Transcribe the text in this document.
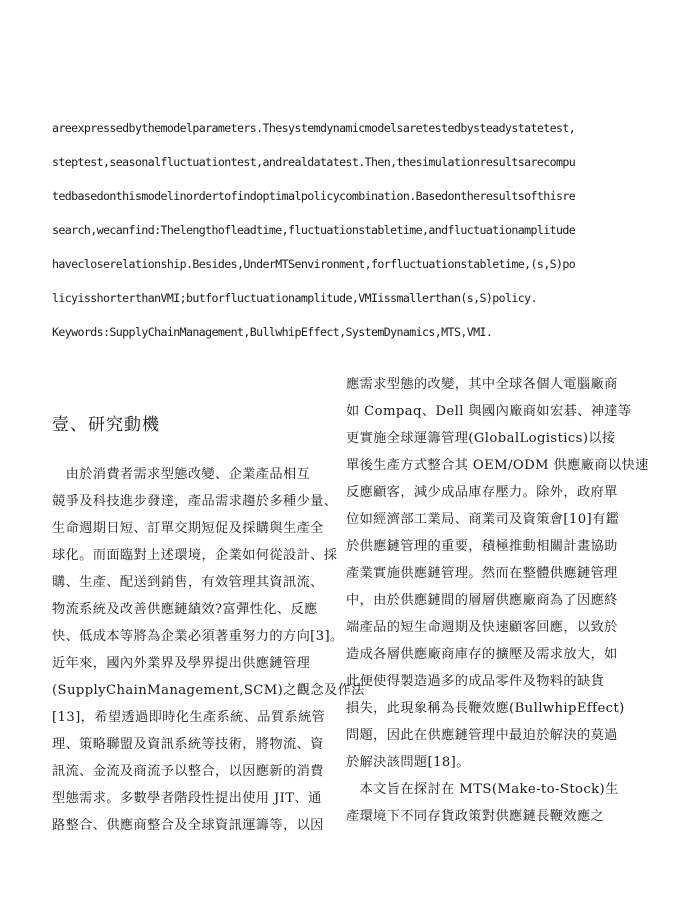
areexpressedbythemodelparameters.Thesystemdynamicmodelsaretestedbysteadystatetest,
steptest,seasonalfluctuationtest,andrealdatatest.Then,thesimulationresultsarecompu
tedbasedonthismodelinordertofindoptimalpolicycombination.Basedontheresultsofthisre
search,wecanfind:Thelengthofleadtime,fluctuationstabletime,andfluctuationamplitude
havecloserelationship.Besides,UnderMTSenvironment,forfluctuationstabletime,(s,S)po
licyisshorterthanVMI;butforfluctuationamplitude,VMIissmallerthan(s,S)policy.
Keywords:SupplyChainManagement,BullwhipEffect,SystemDynamics,MTS,VMI.
壹、研究動機
　由於消費者需求型態改變、企業產品相互
競爭及科技進步發達，產品需求趨於多種少量、
生命週期日短、訂單交期短促及採購與生產全
球化。而面臨對上述環境，企業如何從設計、採
購、生產、配送到銷售，有效管理其資訊流、
物流系統及改善供應鏈績效?富彈性化、反應
快、低成本等將為企業必須著重努力的方向[3]。
近年來，國內外業界及學界提出供應鏈管理
(SupplyChainManagement,SCM)之觀念及作法
[13]，希望透過即時化生產系統、品質系統管
理、策略聯盟及資訊系統等技術，將物流、資
訊流、金流及商流予以整合，以因應新的消費
型態需求。多數學者階段性提出使用 JIT、通
路整合、供應商整合及全球資訊運籌等，以因
應需求型態的改變，其中全球各個人電腦廠商
如 Compaq、Dell 與國內廠商如宏碁、神達等
更實施全球運籌管理(GlobalLogistics)以接
單後生產方式整合其 OEM/ODM 供應廠商以快速
反應顧客，減少成品庫存壓力。除外，政府單
位如經濟部工業局、商業司及資策會[10]有鑑
於供應鏈管理的重要，積極推動相關計畫協助
產業實施供應鏈管理。然而在整體供應鏈管理
中，由於供應鏈間的層層供應廠商為了因應終
端產品的短生命週期及快速顧客回應，以致於
造成各層供應廠商庫存的擴壓及需求放大，如
此便使得製造過多的成品零件及物料的缺貨
損失，此現象稱為長鞭效應(BullwhipEffect)
問題，因此在供應鏈管理中最迫於解決的莫過
於解決該問題[18]。
　本文旨在探討在 MTS(Make-to-Stock)生
產環境下不同存貨政策對供應鏈長鞭效應之
